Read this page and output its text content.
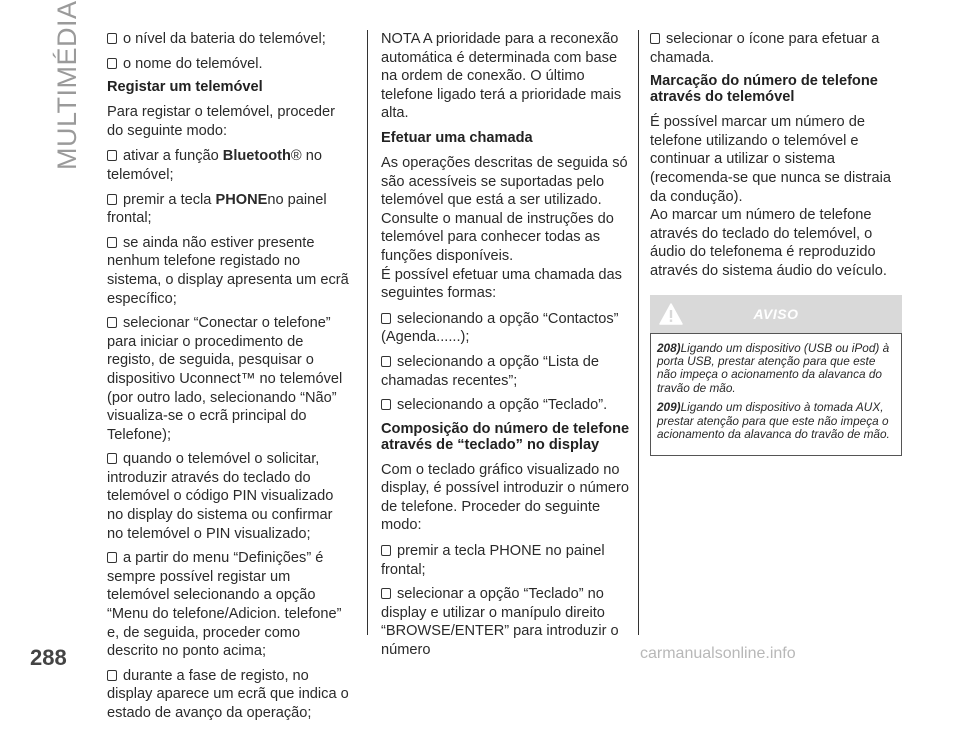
MULTIMÉDIA
288

o nível da bateria do telemóvel;

o nome do telemóvel.

Registar um telemóvel

Para registar o telemóvel, proceder do seguinte modo:

ativar a função Bluetooth® no telemóvel;

premir a tecla PHONEno painel frontal;

se ainda não estiver presente nenhum telefone registado no sistema, o display apresenta um ecrã específico;

selecionar “Conectar o telefone” para iniciar o procedimento de registo, de seguida, pesquisar o dispositivo Uconnect™ no telemóvel (por outro lado, selecionando “Não” visualiza-se o ecrã principal do Telefone);

quando o telemóvel o solicitar, introduzir através do teclado do telemóvel o código PIN visualizado no display do sistema ou confirmar no telemóvel o PIN visualizado;

a partir do menu “Definições” é sempre possível registar um telemóvel selecionando a opção “Menu do telefone/Adicion. telefone” e, de seguida, proceder como descrito no ponto acima;

durante a fase de registo, no display aparece um ecrã que indica o estado de avanço da operação;

NOTA A prioridade para a reconexão automática é determinada com base na ordem de conexão. O último telefone ligado terá a prioridade mais alta.

Efetuar uma chamada

As operações descritas de seguida só são acessíveis se suportadas pelo telemóvel que está a ser utilizado. Consulte o manual de instruções do telemóvel para conhecer todas as funções disponíveis.

É possível efetuar uma chamada das seguintes formas:

selecionando a opção “Contactos” (Agenda......);

selecionando a opção “Lista de chamadas recentes”;

selecionando a opção “Teclado”.

Composição do número de telefone através de “teclado” no display

Com o teclado gráfico visualizado no display, é possível introduzir o número de telefone. Proceder do seguinte modo:

premir a tecla PHONE no painel frontal;

selecionar a opção “Teclado” no display e utilizar o manípulo direito “BROWSE/ENTER” para introduzir o número

selecionar o ícone para efetuar a chamada.

Marcação do número de telefone através do telemóvel

É possível marcar um número de telefone utilizando o telemóvel e continuar a utilizar o sistema (recomenda-se que nunca se distraia da condução).

Ao marcar um número de telefone através do teclado do telemóvel, o áudio do telefonema é reproduzido através do sistema áudio do veículo.

AVISO

208)Ligando um dispositivo (USB ou iPod) à porta USB, prestar atenção para que este não impeça o acionamento da alavanca do travão de mão.

209)Ligando um dispositivo à tomada AUX, prestar atenção para que este não impeça o acionamento da alavanca do travão de mão.

carmanualsonline.info
